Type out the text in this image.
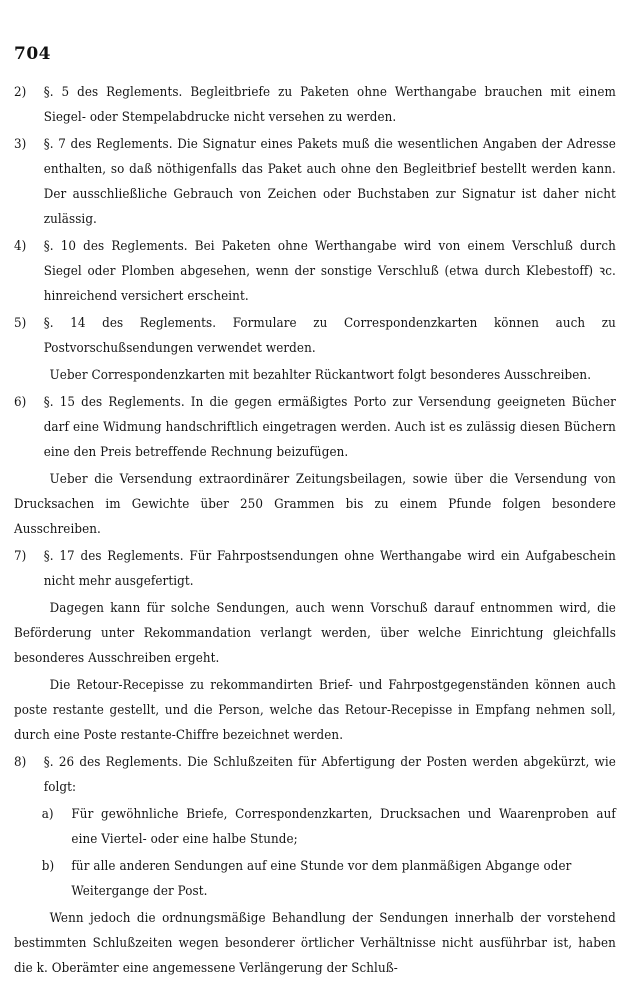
704
2)	§. 5 des Reglements. Begleitbriefe zu Paketen ohne Werthangabe brauchen mit einem Siegel- oder Stempelabdrucke nicht versehen zu werden.
3)	§. 7 des Reglements. Die Signatur eines Pakets muß die wesentlichen Angaben der Adresse enthalten, so daß nöthigenfalls das Paket auch ohne den Begleitbrief bestellt werden kann. Der ausschließliche Gebrauch von Zeichen oder Buchstaben zur Signatur ist daher nicht zulässig.
4)	§. 10 des Reglements. Bei Paketen ohne Werthangabe wird von einem Verschluß durch Siegel oder Plomben abgesehen, wenn der sonstige Verschluß (etwa durch Klebestoff) ꝛc. hinreichend versichert erscheint.
5)	§. 14 des Reglements. Formulare zu Correspondenzkarten können auch zu Postvorschußsendungen verwendet werden.
Ueber Correspondenzkarten mit bezahlter Rückantwort folgt besonderes Ausschreiben.
6)	§. 15 des Reglements. In die gegen ermäßigtes Porto zur Versendung geeigneten Bücher darf eine Widmung handschriftlich eingetragen werden. Auch ist es zulässig diesen Büchern eine den Preis betreffende Rechnung beizufügen.
Ueber die Versendung extraordinärer Zeitungsbeilagen, sowie über die Versendung von Drucksachen im Gewichte über 250 Grammen bis zu einem Pfunde folgen besondere Ausschreiben.
7)	§. 17 des Reglements. Für Fahrpostsendungen ohne Werthangabe wird ein Aufgabeschein nicht mehr ausgefertigt.
Dagegen kann für solche Sendungen, auch wenn Vorschuß darauf entnommen wird, die Beförderung unter Rekommandation verlangt werden, über welche Einrichtung gleichfalls besonderes Ausschreiben ergeht.
Die Retour-Recepisse zu rekommandirten Brief- und Fahrpostgegenständen können auch poste restante gestellt, und die Person, welche das Retour-Recepisse in Empfang nehmen soll, durch eine Poste restante-Chiffre bezeichnet werden.
8)	§. 26 des Reglements. Die Schlußzeiten für Abfertigung der Posten werden abgekürzt, wie folgt:
a)	Für gewöhnliche Briefe, Correspondenzkarten, Drucksachen und Waarenproben auf eine Viertel- oder eine halbe Stunde;
b)	für alle anderen Sendungen auf eine Stunde vor dem planmäßigen Abgange oder Weitergange der Post.
Wenn jedoch die ordnungsmäßige Behandlung der Sendungen innerhalb der vorstehend bestimmten Schlußzeiten wegen besonderer örtlicher Verhältnisse nicht ausführbar ist, haben die k. Oberämter eine angemessene Verlängerung der Schluß-
